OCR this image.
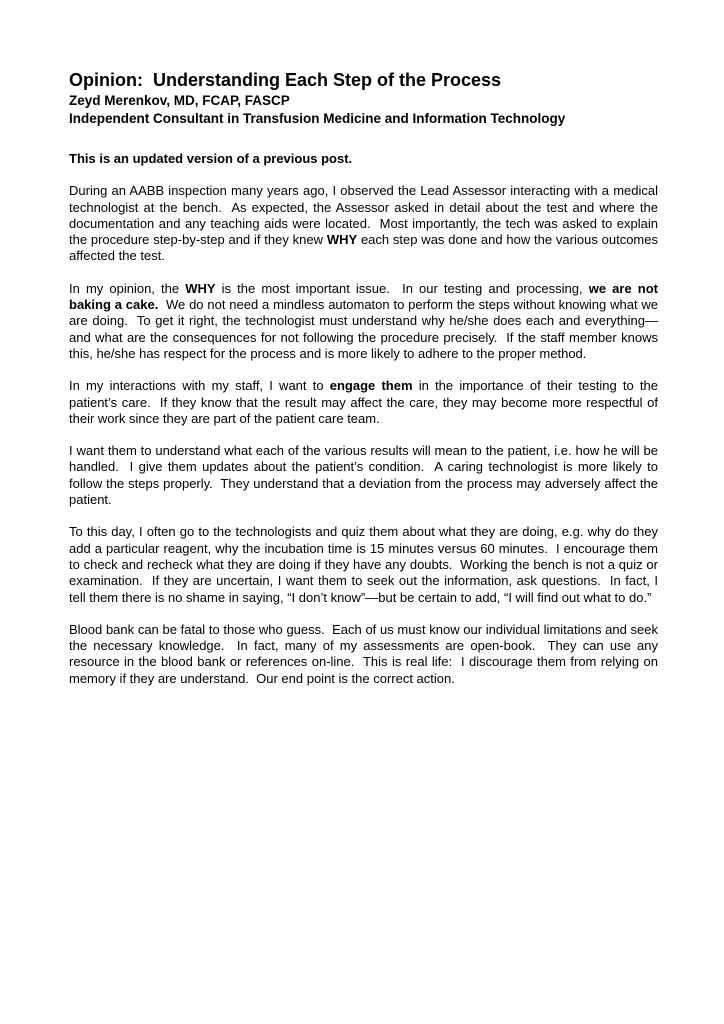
Opinion:  Understanding Each Step of the Process
Zeyd Merenkov, MD, FCAP, FASCP
Independent Consultant in Transfusion Medicine and Information Technology

This is an updated version of a previous post.

During an AABB inspection many years ago, I observed the Lead Assessor interacting with a medical technologist at the bench.  As expected, the Assessor asked in detail about the test and where the documentation and any teaching aids were located.  Most importantly, the tech was asked to explain the procedure step-by-step and if they knew WHY each step was done and how the various outcomes affected the test.

In my opinion, the WHY is the most important issue.  In our testing and processing, we are not baking a cake.  We do not need a mindless automaton to perform the steps without knowing what we are doing.  To get it right, the technologist must understand why he/she does each and everything—and what are the consequences for not following the procedure precisely.  If the staff member knows this, he/she has respect for the process and is more likely to adhere to the proper method.

In my interactions with my staff, I want to engage them in the importance of their testing to the patient’s care.  If they know that the result may affect the care, they may become more respectful of their work since they are part of the patient care team.

I want them to understand what each of the various results will mean to the patient, i.e. how he will be handled.  I give them updates about the patient’s condition.  A caring technologist is more likely to follow the steps properly.  They understand that a deviation from the process may adversely affect the patient.

To this day, I often go to the technologists and quiz them about what they are doing, e.g. why do they add a particular reagent, why the incubation time is 15 minutes versus 60 minutes.  I encourage them to check and recheck what they are doing if they have any doubts.  Working the bench is not a quiz or examination.  If they are uncertain, I want them to seek out the information, ask questions.  In fact, I tell them there is no shame in saying, “I don’t know”—but be certain to add, “I will find out what to do.”

Blood bank can be fatal to those who guess.  Each of us must know our individual limitations and seek the necessary knowledge.  In fact, many of my assessments are open-book.  They can use any resource in the blood bank or references on-line.  This is real life:  I discourage them from relying on memory if they are understand.  Our end point is the correct action.
